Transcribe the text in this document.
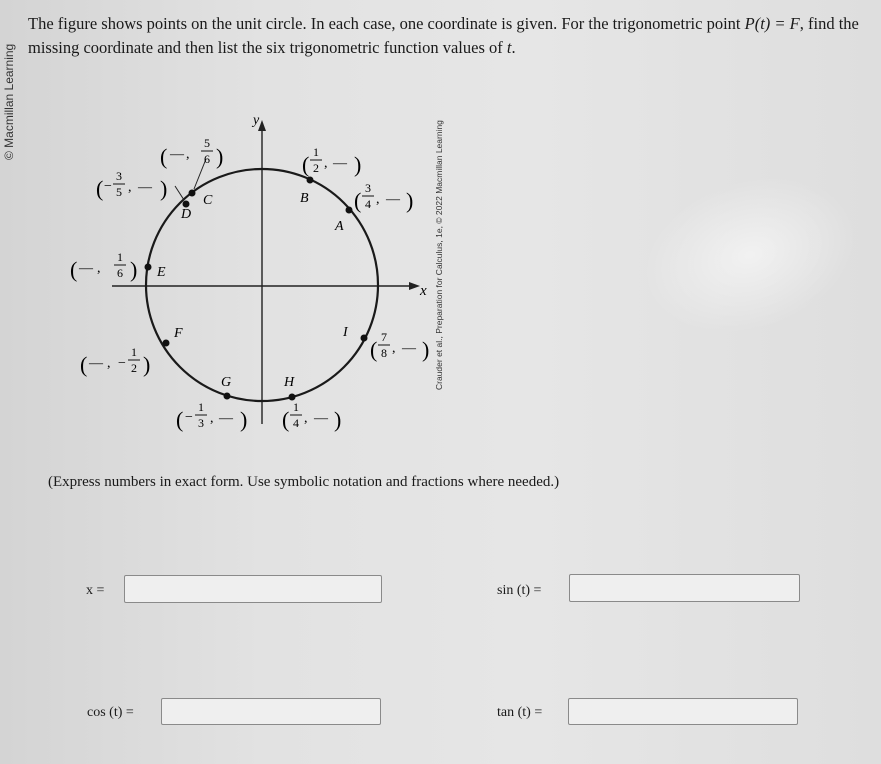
© Macmillan Learning
The figure shows points on the unit circle. In each case, one coordinate is given. For the trigonometric point P(t) = F, find the missing coordinate and then list the six trigonometric function values of t.
y
x
A
B
C
D
E
F
G	H
I
( — ,
5
6 )	( 1
2 , — )
( −
3
5 , — )	( 3
4 , — )
( — ,
1
6 )
( 7
8 , — )
( — , −
1
2 )
( −
1
3 , — ) ( 1
4 , — )
Crauder et al., Preparation for Calculus, 1e, © 2022 Macmillan Learning
(Express numbers in exact form. Use symbolic notation and fractions where needed.)
x =	sin (t) =
cos (t) =	tan (t) =
